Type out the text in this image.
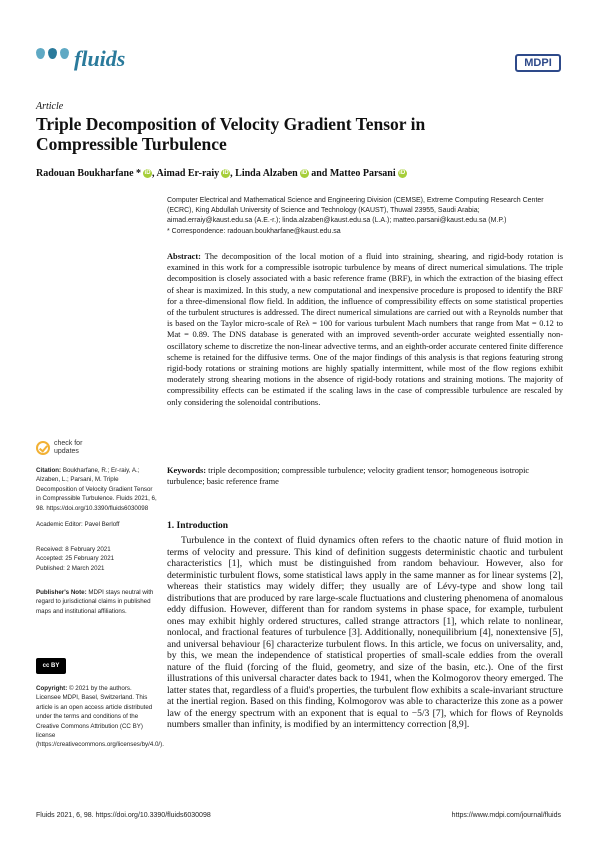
fluids	MDPI
Article
Triple Decomposition of Velocity Gradient Tensor in Compressible Turbulence
Radouan Boukharfane * iD , Aimad Er-raiy iD , Linda Alzaben iD and Matteo Parsani iD
Computer Electrical and Mathematical Science and Engineering Division (CEMSE), Extreme Computing Research Center (ECRC), King Abdullah University of Science and Technology (KAUST), Thuwal 23955, Saudi Arabia; aimad.erraiy@kaust.edu.sa (A.E.-r.); linda.alzaben@kaust.edu.sa (L.A.); matteo.parsani@kaust.edu.sa (M.P.)
* Correspondence: radouan.boukharfane@kaust.edu.sa
Abstract: The decomposition of the local motion of a fluid into straining, shearing, and rigid-body rotation is examined in this work for a compressible isotropic turbulence by means of direct numerical simulations. The triple decomposition is closely associated with a basic reference frame (BRF), in which the extraction of the biasing effect of shear is maximized. In this study, a new computational and inexpensive procedure is proposed to identify the BRF for a three-dimensional flow field. In addition, the influence of compressibility effects on some statistical properties of the turbulent structures is addressed. The direct numerical simulations are carried out with a Reynolds number that is based on the Taylor micro-scale of Reλ = 100 for various turbulent Mach numbers that range from Mat = 0.12 to Mat = 0.89. The DNS database is generated with an improved seventh-order accurate weighted essentially non-oscillatory scheme to discretize the non-linear advective terms, and an eighth-order accurate centered finite difference scheme is retained for the diffusive terms. One of the major findings of this analysis is that regions featuring strong rigid-body rotations or straining motions are highly spatially intermittent, while most of the flow regions exhibit moderately strong shearing motions in the absence of rigid-body rotations and straining motions. The majority of compressibility effects can be estimated if the scaling laws in the case of compressible turbulence are rescaled by only considering the solenoidal contributions.
Keywords: triple decomposition; compressible turbulence; velocity gradient tensor; homogeneous isotropic turbulence; basic reference frame
check for updates
Citation: Boukharfane, R.; Er-raiy, A.; Alzaben, L.; Parsani, M. Triple Decomposition of Velocity Gradient Tensor in Compressible Turbulence. Fluids 2021, 6, 98. https://doi.org/10.3390/fluids6030098
Academic Editor: Pavel Berloff
Received: 8 February 2021
Accepted: 25 February 2021
Published: 2 March 2021
Publisher's Note: MDPI stays neutral with regard to jurisdictional claims in published maps and institutional affiliations.
cc BY
Copyright: © 2021 by the authors. Licensee MDPI, Basel, Switzerland. This article is an open access article distributed under the terms and conditions of the Creative Commons Attribution (CC BY) license (https://creativecommons.org/licenses/by/4.0/).
1. Introduction
Turbulence in the context of fluid dynamics often refers to the chaotic nature of fluid motion in terms of velocity and pressure. This kind of definition suggests deterministic chaotic and turbulent characteristics [1], which must be distinguished from random behaviour. However, also for deterministic turbulent flows, some statistical laws apply in the same manner as for linear systems [2], whereas their statistics may widely differ; they usually are of Lévy-type and show long tail distributions that are produced by rare large-scale fluctuations and clustering phenomena of anomalous eddy diffusion. However, different than for random systems in phase space, for example, turbulent ones may exhibit highly ordered structures, called strange attractors [1], which relate to nonlinear, nonlocal, and fractional features of turbulence [3]. Additionally, nonequilibrium [4], nonextensive [5], and universal behaviour [6] characterize turbulent flows. In this article, we focus on universality, and, by this, we mean the independence of statistical properties of small-scale eddies from the overall nature of the fluid (forcing of the fluid, geometry, and size of the basin, etc.). One of the first illustrations of this universal character dates back to 1941, when the Kolmogorov theory emerged. The latter states that, regardless of a fluid's properties, the turbulent flow exhibits a scale-invariant structure at the inertial region. Based on this finding, Kolmogorov was able to characterize this zone as a power law of the energy spectrum with an exponent that is equal to −5/3 [7], which for flows of Reynolds numbers smaller than infinity, is modified by an intermittency correction [8,9].
Fluids 2021, 6, 98. https://doi.org/10.3390/fluids6030098	https://www.mdpi.com/journal/fluids
